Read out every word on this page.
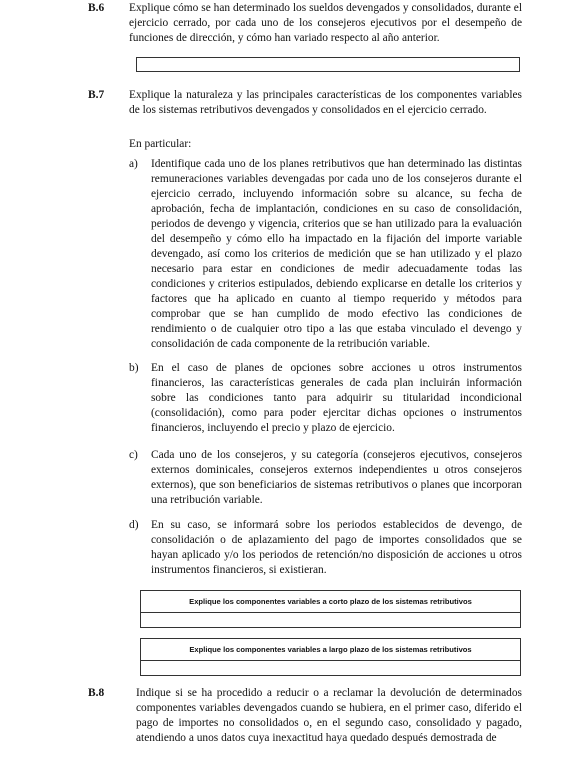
B.6 Explique cómo se han determinado los sueldos devengados y consolidados, durante el ejercicio cerrado, por cada uno de los consejeros ejecutivos por el desempeño de funciones de dirección, y cómo han variado respecto al año anterior.
B.7 Explique la naturaleza y las principales características de los componentes variables de los sistemas retributivos devengados y consolidados en el ejercicio cerrado.
En particular:
a) Identifique cada uno de los planes retributivos que han determinado las distintas remuneraciones variables devengadas por cada uno de los consejeros durante el ejercicio cerrado, incluyendo información sobre su alcance, su fecha de aprobación, fecha de implantación, condiciones en su caso de consolidación, periodos de devengo y vigencia, criterios que se han utilizado para la evaluación del desempeño y cómo ello ha impactado en la fijación del importe variable devengado, así como los criterios de medición que se han utilizado y el plazo necesario para estar en condiciones de medir adecuadamente todas las condiciones y criterios estipulados, debiendo explicarse en detalle los criterios y factores que ha aplicado en cuanto al tiempo requerido y métodos para comprobar que se han cumplido de modo efectivo las condiciones de rendimiento o de cualquier otro tipo a las que estaba vinculado el devengo y consolidación de cada componente de la retribución variable.
b) En el caso de planes de opciones sobre acciones u otros instrumentos financieros, las características generales de cada plan incluirán información sobre las condiciones tanto para adquirir su titularidad incondicional (consolidación), como para poder ejercitar dichas opciones o instrumentos financieros, incluyendo el precio y plazo de ejercicio.
c) Cada uno de los consejeros, y su categoría (consejeros ejecutivos, consejeros externos dominicales, consejeros externos independientes u otros consejeros externos), que son beneficiarios de sistemas retributivos o planes que incorporan una retribución variable.
d) En su caso, se informará sobre los periodos establecidos de devengo, de consolidación o de aplazamiento del pago de importes consolidados que se hayan aplicado y/o los periodos de retención/no disposición de acciones u otros instrumentos financieros, si existieran.
Explique los componentes variables a corto plazo de los sistemas retributivos
Explique los componentes variables a largo plazo de los sistemas retributivos
B.8	Indique si se ha procedido a reducir o a reclamar la devolución de determinados componentes variables devengados cuando se hubiera, en el primer caso, diferido el pago de importes no consolidados o, en el segundo caso, consolidado y pagado, atendiendo a unos datos cuya inexactitud haya quedado después demostrada de
